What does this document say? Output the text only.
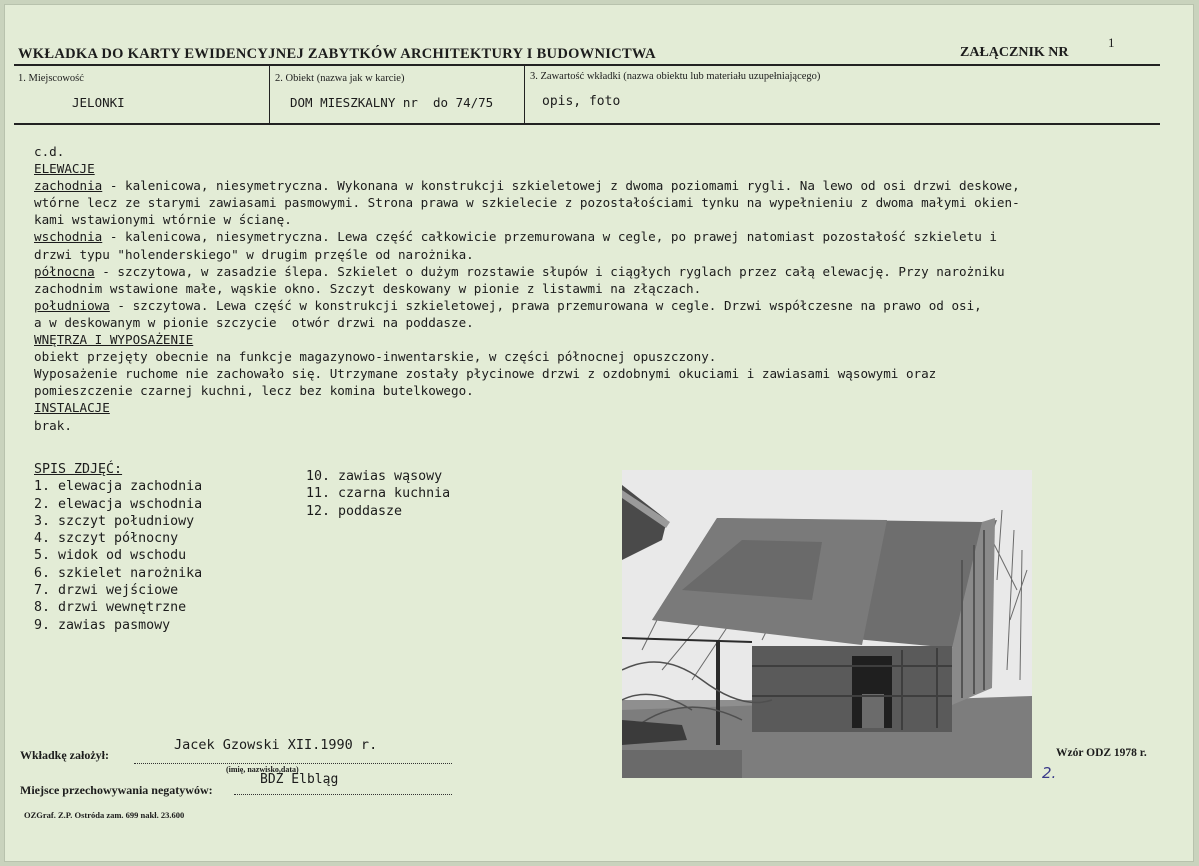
1
WKŁADKA DO KARTY EWIDENCYJNEJ ZABYTKÓW ARCHITEKTURY I BUDOWNICTWA	ZAŁĄCZNIK NR
1. Miejscowość
JELONKI
2. Obiekt (nazwa jak w karcie)
DOM MIESZKALNY nr  do 74/75
3. Zawartość wkładki (nazwa obiektu lub materiału uzupełniającego)
opis, foto
c.d.
ELEWACJE
zachodnia - kalenicowa, niesymetryczna. Wykonana w konstrukcji szkieletowej z dwoma poziomami rygli. Na lewo od osi drzwi deskowe,
wtórne lecz ze starymi zawiasami pasmowymi. Strona prawa w szkielecie z pozostałościami tynku na wypełnieniu z dwoma małymi okien-
kami wstawionymi wtórnie w ścianę.
wschodnia - kalenicowa, niesymetryczna. Lewa część całkowicie przemurowana w cegle, po prawej natomiast pozostałość szkieletu i
drzwi typu "holenderskiego" w drugim przęśle od narożnika.
północna - szczytowa, w zasadzie ślepa. Szkielet o dużym rozstawie słupów i ciągłych ryglach przez całą elewację. Przy narożniku
zachodnim wstawione małe, wąskie okno. Szczyt deskowany w pionie z listawmi na złączach.
południowa - szczytowa. Lewa część w konstrukcji szkieletowej, prawa przemurowana w cegle. Drzwi współczesne na prawo od osi,
a w deskowanym w pionie szczycie  otwór drzwi na poddasze.
WNĘTRZA I WYPOSAŻENIE
obiekt przejęty obecnie na funkcje magazynowo-inwentarskie, w części północnej opuszczony.
Wyposażenie ruchome nie zachowało się. Utrzymane zostały płycinowe drzwi z ozdobnymi okuciami i zawiasami wąsowymi oraz
pomieszczenie czarnej kuchni, lecz bez komina butelkowego.
INSTALACJE
brak.
SPIS ZDJĘĆ:
1. elewacja zachodnia
2. elewacja wschodnia
3. szczyt południowy
4. szczyt północny
5. widok od wschodu
6. szkielet narożnika
7. drzwi wejściowe
8. drzwi wewnętrzne
9. zawias pasmowy
10. zawias wąsowy
11. czarna kuchnia
12. poddasze
Wkładkę założył:
Jacek Gzowski XII.1990 r.
(imię, nazwisko,data)
Miejsce przechowywania negatywów:
BDZ Elbląg
Wzór ODZ 1978 r.
2.
OZGraf. Z.P. Ostróda zam. 699 nakł. 23.600
